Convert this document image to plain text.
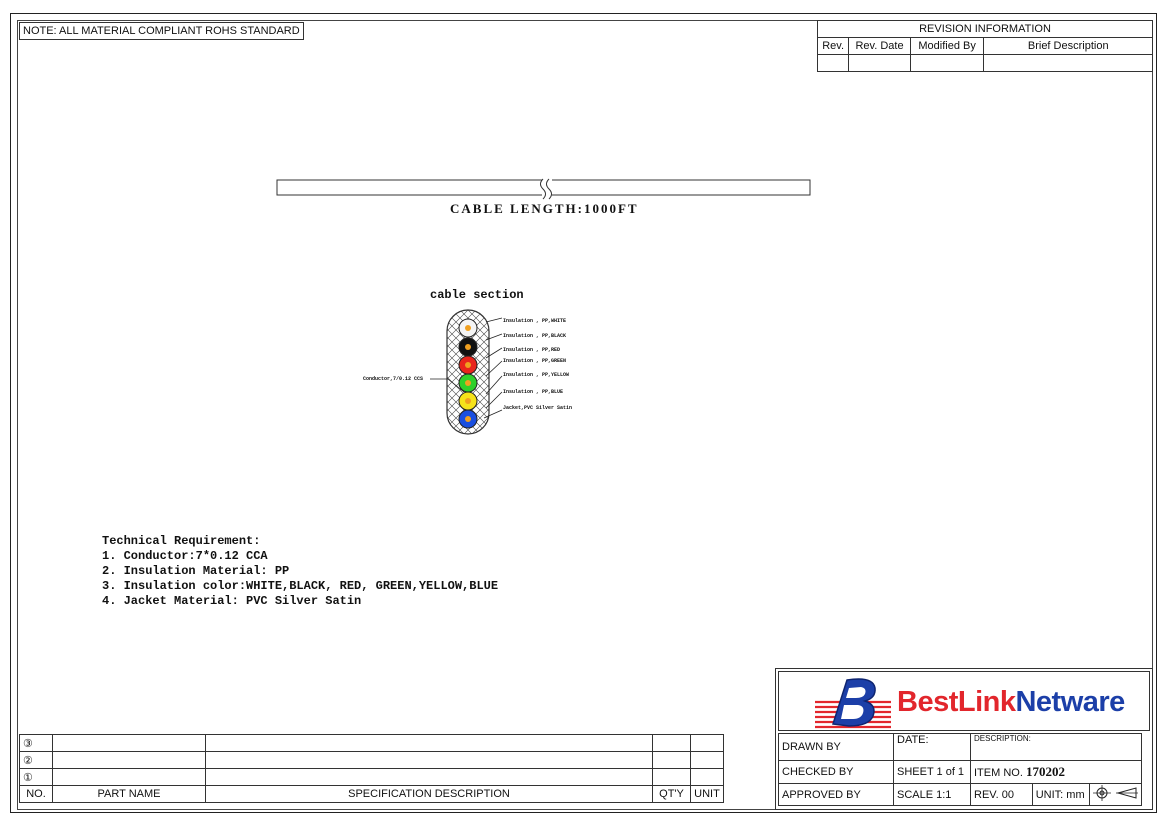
NOTE: ALL MATERIAL COMPLIANT ROHS STANDARD	REVISION INFORMATION			
Rev.	Rev. Date	Modified By	Brief Description

CABLE LENGTH:1000FT
cable section
Insulation , PP,WHITE
Insulation , PP,BLACK
Insulation , PP,RED
Insulation , PP,GREEN
Insulation , PP,YELLOW
Insulation , PP,BLUE
Jacket,PVC Silver Satin
Conductor,7/0.12 CCS
Technical Requirement:
1. Conductor:7*0.12 CCA
2. Insulation Material: PP
3. Insulation color:WHITE,BLACK, RED, GREEN,YELLOW,BLUE
4. Jacket Material: PVC Silver Satin
③				
②				
①				
NO.	PART NAME	SPECIFICATION DESCRIPTION	QT'Y	UNIT
BestLinkNetware
DRAWN BY	DATE:	DESCRIPTION:		
CHECKED BY	SHEET 1 of 1	ITEM NO. 170202		
APPROVED BY	SCALE 1:1	REV. 00	UNIT: mm	
